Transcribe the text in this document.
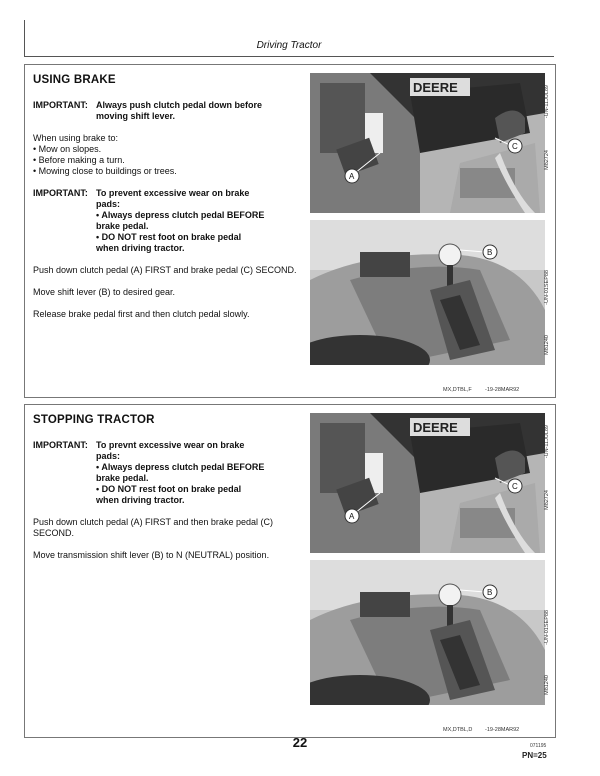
Driving Tractor
USING BRAKE
IMPORTANT: Always push clutch pedal down before
moving shift lever.

When using brake to:

• Mow on slopes.

• Before making a turn.

• Mowing close to buildings or trees.

IMPORTANT: To prevent excessive wear on brake
pads:
• Always depress clutch pedal BEFORE
brake pedal.
• DO NOT rest foot on brake pedal
when driving tractor.

Push down clutch pedal (A) FIRST and brake pedal (C) SECOND.

Move shift lever (B) to desired gear.

Release brake pedal first and then clutch pedal slowly.

DEERE
A
C
M82724
-UN-11JUL89
B
M81240
-UN-01SEP88
MX,DTBL,F -19-28MAR92
STOPPING TRACTOR
IMPORTANT: To prevnt excessive wear on brake
pads:
• Always depress clutch pedal BEFORE
brake pedal.
• DO NOT rest foot on brake pedal
when driving tractor.

Push down clutch pedal (A) FIRST and then brake pedal (C) SECOND.

Move transmission shift lever (B) to N (NEUTRAL) position.

DEERE
A
C
M82724
-UN-11JUL89
B
M81240
-UN-01SEP88
MX,DTBL,D -19-28MAR92
22	071195
PN=25
